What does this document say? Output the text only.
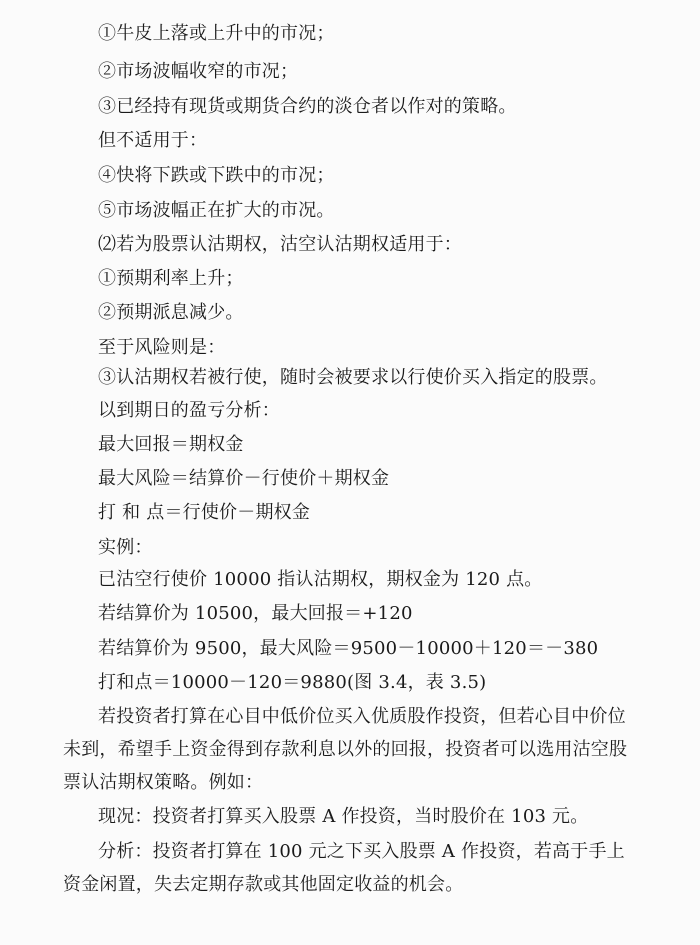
①牛皮上落或上升中的市况；
②市场波幅收窄的市况；
③已经持有现货或期货合约的淡仓者以作对的策略。
但不适用于：
④快将下跌或下跌中的市况；
⑤市场波幅正在扩大的市况。
⑵若为股票认沽期权，沽空认沽期权适用于：
①预期利率上升；
②预期派息减少。
至于风险则是：
③认沽期权若被行使，随时会被要求以行使价买入指定的股票。
以到期日的盈亏分析：
最大回报＝期权金
最大风险＝结算价－行使价＋期权金
打 和 点＝行使价－期权金
实例：
已沽空行使价 10000 指认沽期权，期权金为 120 点。
若结算价为 10500，最大回报＝+120
若结算价为 9500，最大风险＝9500－10000＋120＝－380
打和点＝10000－120＝9880(图 3.4，表 3.5)
若投资者打算在心目中低价位买入优质股作投资，但若心目中价位
未到，希望手上资金得到存款利息以外的回报，投资者可以选用沽空股
票认沽期权策略。例如：
现况：投资者打算买入股票 A 作投资，当时股价在 103 元。
分析：投资者打算在 100 元之下买入股票 A 作投资，若高于手上
资金闲置，失去定期存款或其他固定收益的机会。
